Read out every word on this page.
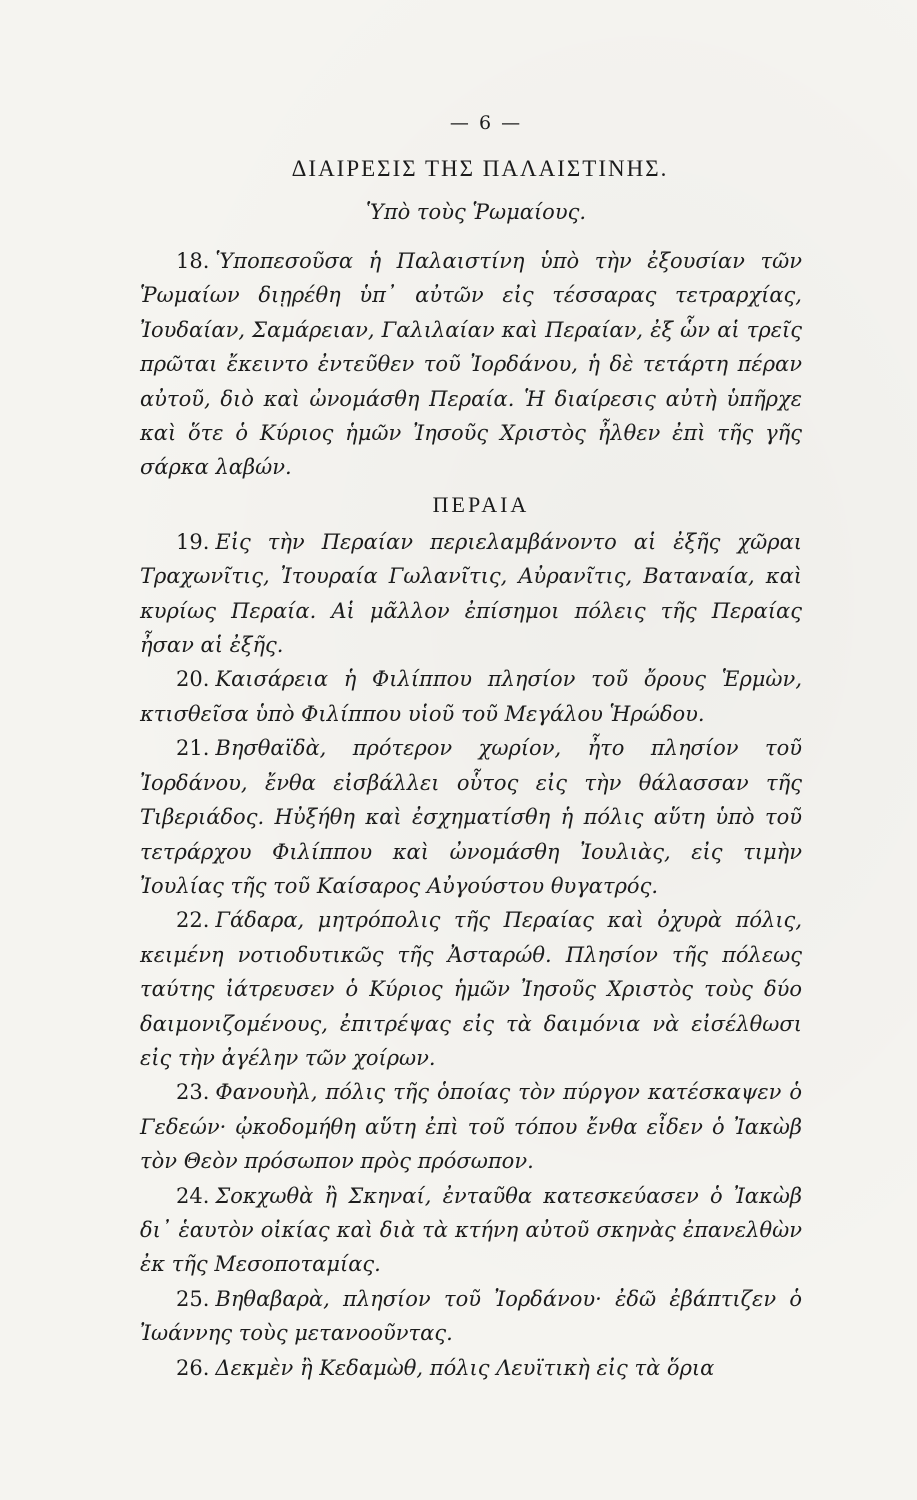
— 6 —
ΔΙΑΙΡΕΣΙΣ ΤΗΣ ΠΑΛΑΙΣΤΙΝΗΣ.
Ὑπὸ τοὺς Ῥωμαίους.

18. Ὑποπεσοῦσα ἡ Παλαιστίνη ὑπὸ τὴν ἐξουσίαν τῶν Ῥωμαίων διῃρέθη ὑπ᾽ αὐτῶν εἰς τέσσαρας τετραρχίας, Ἰουδαίαν, Σαμάρειαν, Γαλιλαίαν καὶ Περαίαν, ἐξ ὧν αἱ τρεῖς πρῶται ἔκειντο ἐντεῦθεν τοῦ Ἰορδάνου, ἡ δὲ τετάρτη πέραν αὐτοῦ, διὸ καὶ ὠνομάσθη Περαία. Ἡ διαίρεσις αὐτὴ ὑπῆρχε καὶ ὅτε ὁ Κύριος ἡμῶν Ἰησοῦς Χριστὸς ἦλθεν ἐπὶ τῆς γῆς σάρκα λαβών.

ΠΕΡΑΙΑ

19. Εἰς τὴν Περαίαν περιελαμβάνοντο αἱ ἐξῆς χῶραι Τραχωνῖτις, Ἰτουραία Γωλανῖτις, Αὐρανῖτις, Βαταναία, καὶ κυρίως Περαία. Αἱ μᾶλλον ἐπίσημοι πόλεις τῆς Περαίας ἦσαν αἱ ἐξῆς.

20. Καισάρεια ἡ Φιλίππου πλησίον τοῦ ὄρους Ἑρμὼν, κτισθεῖσα ὑπὸ Φιλίππου υἱοῦ τοῦ Μεγάλου Ἡρώδου.

21. Βησθαϊδὰ, πρότερον χωρίον, ἦτο πλησίον τοῦ Ἰορδάνου, ἔνθα εἰσβάλλει οὗτος εἰς τὴν θάλασσαν τῆς Τιβεριάδος. Ηὐξήθη καὶ ἐσχηματίσθη ἡ πόλις αὕτη ὑπὸ τοῦ τετράρχου Φιλίππου καὶ ὠνομάσθη Ἰουλιὰς, εἰς τιμὴν Ἰουλίας τῆς τοῦ Καίσαρος Αὐγούστου θυγατρός.

22. Γάδαρα, μητρόπολις τῆς Περαίας καὶ ὀχυρὰ πόλις, κειμένη νοτιοδυτικῶς τῆς Ἀσταρώθ. Πλησίον τῆς πόλεως ταύτης ἰάτρευσεν ὁ Κύριος ἡμῶν Ἰησοῦς Χριστὸς τοὺς δύο δαιμονιζομένους, ἐπιτρέψας εἰς τὰ δαιμόνια νὰ εἰσέλθωσι εἰς τὴν ἀγέλην τῶν χοίρων.

23. Φανουὴλ, πόλις τῆς ὁποίας τὸν πύργον κατέσκαψεν ὁ Γεδεών· ᾠκοδομήθη αὕτη ἐπὶ τοῦ τόπου ἔνθα εἶδεν ὁ Ἰακὼβ τὸν Θεὸν πρόσωπον πρὸς πρόσωπον.

24. Σοκχωθὰ ἢ Σκηναί, ἐνταῦθα κατεσκεύασεν ὁ Ἰακὼβ δι᾽ ἑαυτὸν οἰκίας καὶ διὰ τὰ κτήνη αὐτοῦ σκηνὰς ἐπανελθὼν ἐκ τῆς Μεσοποταμίας.

25. Βηθαβαρὰ, πλησίον τοῦ Ἰορδάνου· ἐδῶ ἐβάπτιζεν ὁ Ἰωάννης τοὺς μετανοοῦντας.

26. Δεκμὲν ἢ Κεδαμὼθ, πόλις Λευϊτικὴ εἰς τὰ ὅρια
